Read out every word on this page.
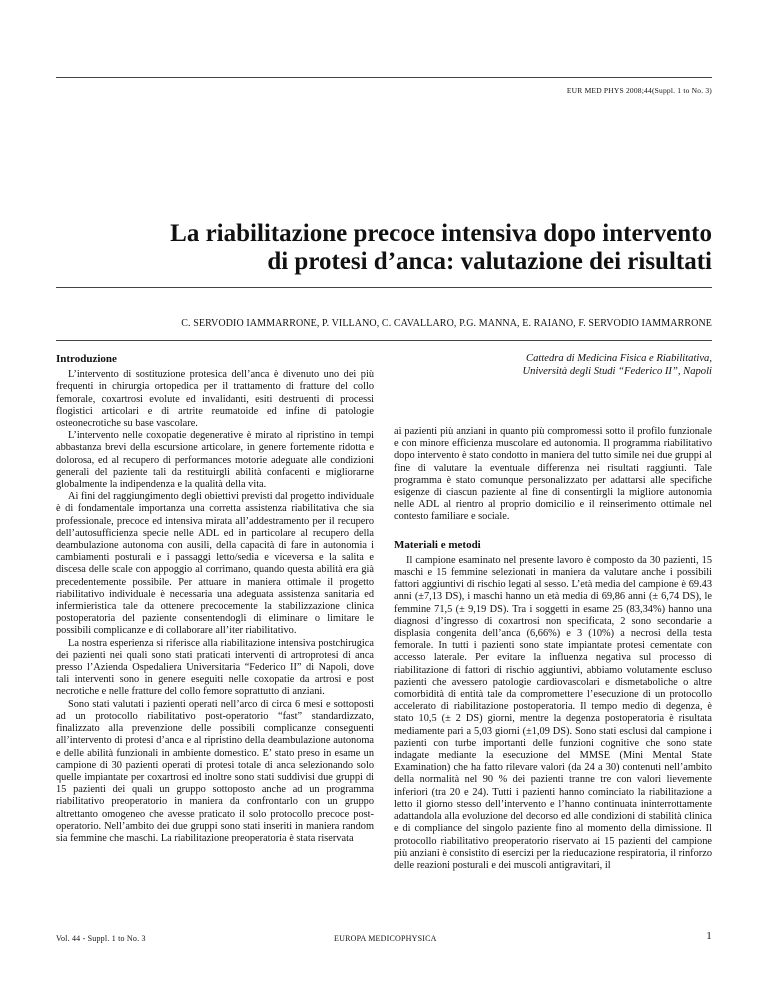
EUR MED PHYS 2008;44(Suppl. 1 to No. 3)
La riabilitazione precoce intensiva dopo intervento
di protesi d’anca: valutazione dei risultati
C. SERVODIO IAMMARRONE, P. VILLANO, C. CAVALLARO, P.G. MANNA, E. RAIANO, F. SERVODIO IAMMARRONE
Introduzione

L’intervento di sostituzione protesica dell’anca è divenuto uno dei più frequenti in chirurgia ortopedica per il trattamento di fratture del collo femorale, coxartrosi evolute ed invalidanti, esiti destruenti di processi flogistici articolari e di artrite reumatoide ed infine di patologie osteonecrotiche su base vascolare.

L’intervento nelle coxopatie degenerative è mirato al ripristino in tempi abbastanza brevi della escursione articolare, in genere fortemente ridotta e dolorosa, ed al recupero di performances motorie adeguate alle condizioni generali del paziente tali da restituirgli abilità confacenti e migliorarne globalmente la indipendenza e la qualità della vita.

Ai fini del raggiungimento degli obiettivi previsti dal progetto individuale è di fondamentale importanza una corretta assistenza riabilitativa che sia professionale, precoce ed intensiva mirata all’addestramento per il recupero dell’autosufficienza specie nelle ADL ed in particolare al recupero della deambulazione autonoma con ausili, della capacità di fare in autonomia i cambiamenti posturali e i passaggi letto/sedia e viceversa e la salita e discesa delle scale con appoggio al corrimano, quando questa abilità era già precedentemente possibile. Per attuare in maniera ottimale il progetto riabilitativo individuale è necessaria una adeguata assistenza sanitaria ed infermieristica tale da ottenere precocemente la stabilizzazione clinica postoperatoria del paziente consentendogli di eliminare o limitare le possibili complicanze e di collaborare all’iter riabilitativo.

La nostra esperienza si riferisce alla riabilitazione intensiva postchirugica dei pazienti nei quali sono stati praticati interventi di artroprotesi di anca presso l’Azienda Ospedaliera Universitaria “Federico II” di Napoli, dove tali interventi sono in genere eseguiti nelle coxopatie da artrosi e post necrotiche e nelle fratture del collo femore soprattutto di anziani.

Sono stati valutati i pazienti operati nell’arco di circa 6 mesi e sottoposti ad un protocollo riabilitativo post-operatorio “fast” standardizzato, finalizzato alla prevenzione delle possibili complicanze conseguenti all’intervento di protesi d’anca e al ripristino della deambulazione autonoma e delle abilità funzionali in ambiente domestico. E’ stato preso in esame un campione di 30 pazienti operati di protesi totale di anca selezionando solo quelle impiantate per coxartrosi ed inoltre sono stati suddivisi due gruppi di 15 pazienti dei quali un gruppo sottoposto anche ad un programma riabilitativo preoperatorio in maniera da confrontarlo con un gruppo altrettanto omogeneo che avesse praticato il solo protocollo precoce post-operatorio. Nell’ambito dei due gruppi sono stati inseriti in maniera random sia femmine che maschi. La riabilitazione preoperatoria è stata riservata

Cattedra di Medicina Fisica e Riabilitativa,
Università degli Studi “Federico II”, Napoli

ai pazienti più anziani in quanto più compromessi sotto il profilo funzionale e con minore efficienza muscolare ed autonomia. Il programma riabilitativo dopo intervento è stato condotto in maniera del tutto simile nei due gruppi al fine di valutare la eventuale differenza nei risultati raggiunti. Tale programma è stato comunque personalizzato per adattarsi alle specifiche esigenze di ciascun paziente al fine di consentirgli la migliore autonomia nelle ADL al rientro al proprio domicilio e il reinserimento ottimale nel contesto familiare e sociale.

Materiali e metodi

Il campione esaminato nel presente lavoro è composto da 30 pazienti, 15 maschi e 15 femmine selezionati in maniera da valutare anche i possibili fattori aggiuntivi di rischio legati al sesso. L’età media del campione è 69.43 anni (±7,13 DS), i maschi hanno un età media di 69,86 anni (± 6,74 DS), le femmine 71,5 (± 9,19 DS). Tra i soggetti in esame 25 (83,34%) hanno una diagnosi d’ingresso di coxartrosi non specificata, 2 sono secondarie a displasia congenita dell’anca (6,66%) e 3 (10%) a necrosi della testa femorale. In tutti i pazienti sono state impiantate protesi cementate con accesso laterale. Per evitare la influenza negativa sul processo di riabilitazione di fattori di rischio aggiuntivi, abbiamo volutamente escluso pazienti che avessero patologie cardiovascolari e dismetaboliche o altre comorbidità di entità tale da compromettere l’esecuzione di un protocollo accelerato di riabilitazione postoperatoria. Il tempo medio di degenza, è stato 10,5 (± 2 DS) giorni, mentre la degenza postoperatoria è risultata mediamente pari a 5,03 giorni (±1,09 DS). Sono stati esclusi dal campione i pazienti con turbe importanti delle funzioni cognitive che sono state indagate mediante la esecuzione del MMSE (Mini Mental State Examination) che ha fatto rilevare valori (da 24 a 30) contenuti nell’ambito della normalità nel 90 % dei pazienti tranne tre con valori lievemente inferiori (tra 20 e 24). Tutti i pazienti hanno cominciato la riabilitazione a letto il giorno stesso dell’intervento e l’hanno continuata ininterrottamente adattandola alla evoluzione del decorso ed alle condizioni di stabilità clinica e di compliance del singolo paziente fino al momento della dimissione. Il protocollo riabilitativo preoperatorio riservato ai 15 pazienti del campione più anziani è consistito di esercizi per la rieducazione respiratoria, il rinforzo delle reazioni posturali e dei muscoli antigravitari, il

Vol. 44 - Suppl. 1 to No. 3	EUROPA MEDICOPHYSICA	1
